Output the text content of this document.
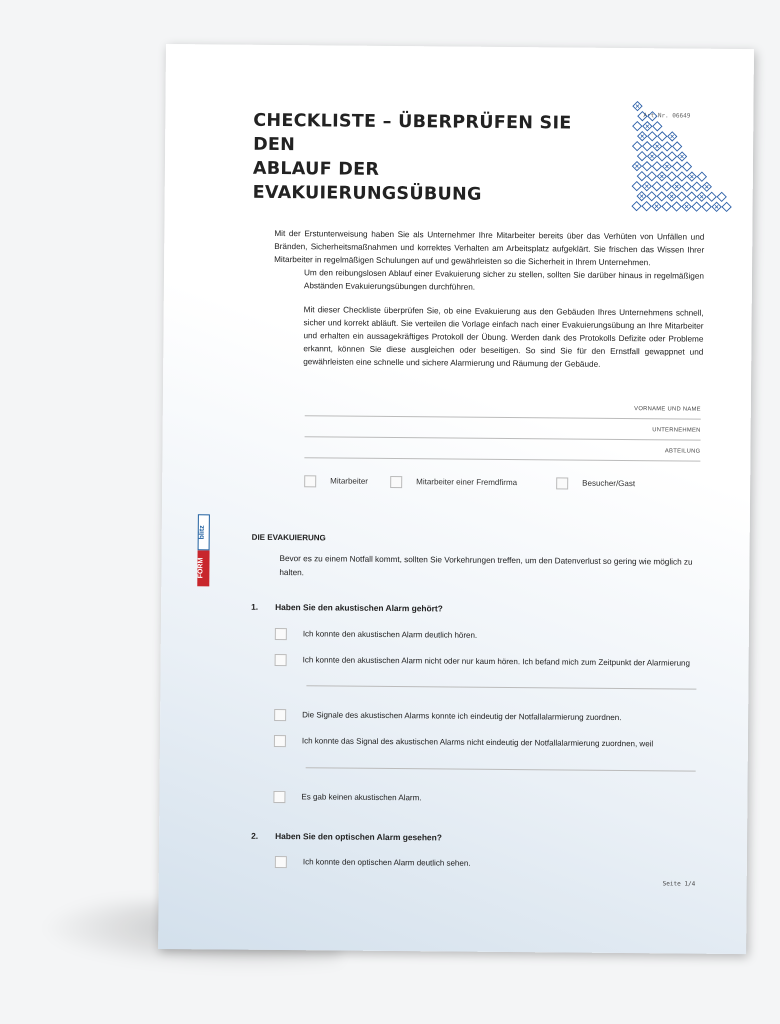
CHECKLISTE – ÜBERPRÜFEN SIE DEN
ABLAUF DER EVAKUIERUNGSÜBUNG
Art.Nr. 06649

Mit der Erstunterweisung haben Sie als Unternehmer Ihre Mitarbeiter bereits über das Verhüten von Unfällen und Bränden, Sicherheitsmaßnahmen und korrektes Verhalten am Arbeitsplatz aufgeklärt. Sie frischen das Wissen Ihrer Mitarbeiter in regelmäßigen Schulungen auf und gewährleisten so die Sicherheit in Ihrem Unternehmen.

Um den reibungslosen Ablauf einer Evakuierung sicher zu stellen, sollten Sie darüber hinaus in regelmäßigen Abständen Evakuierungsübungen durchführen.

Mit dieser Checkliste überprüfen Sie, ob eine Evakuierung aus den Gebäuden Ihres Unternehmens schnell, sicher und korrekt abläuft. Sie verteilen die Vorlage einfach nach einer Evakuierungsübung an Ihre Mitarbeiter und erhalten ein aussagekräftiges Protokoll der Übung. Werden dank des Protokolls Defizite oder Probleme erkannt, können Sie diese ausgleichen oder beseitigen. So sind Sie für den Ernstfall gewappnet und gewährleisten eine schnelle und sichere Alarmierung und Räumung der Gebäude.

VORNAME UND NAME
UNTERNEHMEN
ABTEILUNG
Mitarbeiter	Mitarbeiter einer Fremdfirma	Besucher/Gast
FORM
blitz	DIE EVAKUIERUNG
Bevor es zu einem Notfall kommt, sollten Sie Vorkehrungen treffen, um den Datenverlust so gering wie möglich zu halten.
1. Haben Sie den akustischen Alarm gehört?
Ich konnte den akustischen Alarm deutlich hören.
Ich konnte den akustischen Alarm nicht oder nur kaum hören. Ich befand mich zum Zeitpunkt der Alarmierung
Die Signale des akustischen Alarms konnte ich eindeutig der Notfallalarmierung zuordnen.
Ich konnte das Signal des akustischen Alarms nicht eindeutig der Notfallalarmierung zuordnen, weil
Es gab keinen akustischen Alarm.
2. Haben Sie den optischen Alarm gesehen?
Ich konnte den optischen Alarm deutlich sehen.
Seite 1/4
